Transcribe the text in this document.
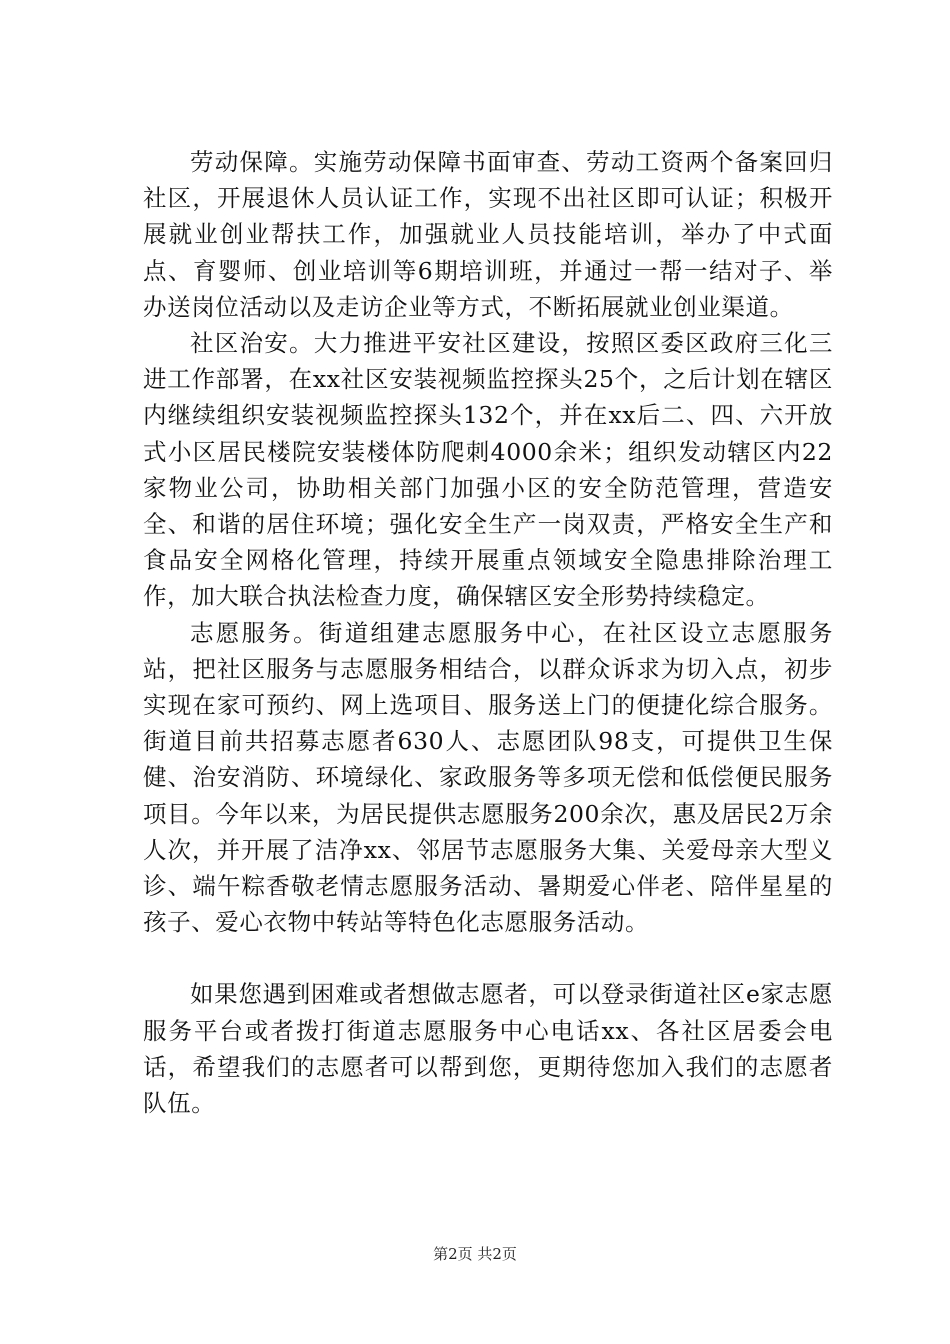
劳动保障。实施劳动保障书面审查、劳动工资两个备案回归社区，开展退休人员认证工作，实现不出社区即可认证；积极开展就业创业帮扶工作，加强就业人员技能培训，举办了中式面点、育婴师、创业培训等6期培训班，并通过一帮一结对子、举办送岗位活动以及走访企业等方式，不断拓展就业创业渠道。

社区治安。大力推进平安社区建设，按照区委区政府三化三进工作部署，在xx社区安装视频监控探头25个，之后计划在辖区内继续组织安装视频监控探头132个，并在xx后二、四、六开放式小区居民楼院安装楼体防爬刺4000余米；组织发动辖区内22家物业公司，协助相关部门加强小区的安全防范管理，营造安全、和谐的居住环境；强化安全生产一岗双责，严格安全生产和食品安全网格化管理，持续开展重点领域安全隐患排除治理工作，加大联合执法检查力度，确保辖区安全形势持续稳定。

志愿服务。街道组建志愿服务中心，在社区设立志愿服务站，把社区服务与志愿服务相结合，以群众诉求为切入点，初步实现在家可预约、网上选项目、服务送上门的便捷化综合服务。街道目前共招募志愿者630人、志愿团队98支，可提供卫生保健、治安消防、环境绿化、家政服务等多项无偿和低偿便民服务项目。今年以来，为居民提供志愿服务200余次，惠及居民2万余人次，并开展了洁净xx、邻居节志愿服务大集、关爱母亲大型义诊、端午粽香敬老情志愿服务活动、暑期爱心伴老、陪伴星星的孩子、爱心衣物中转站等特色化志愿服务活动。

如果您遇到困难或者想做志愿者，可以登录街道社区e家志愿服务平台或者拨打街道志愿服务中心电话xx、各社区居委会电话，希望我们的志愿者可以帮到您，更期待您加入我们的志愿者队伍。

第2页 共2页
